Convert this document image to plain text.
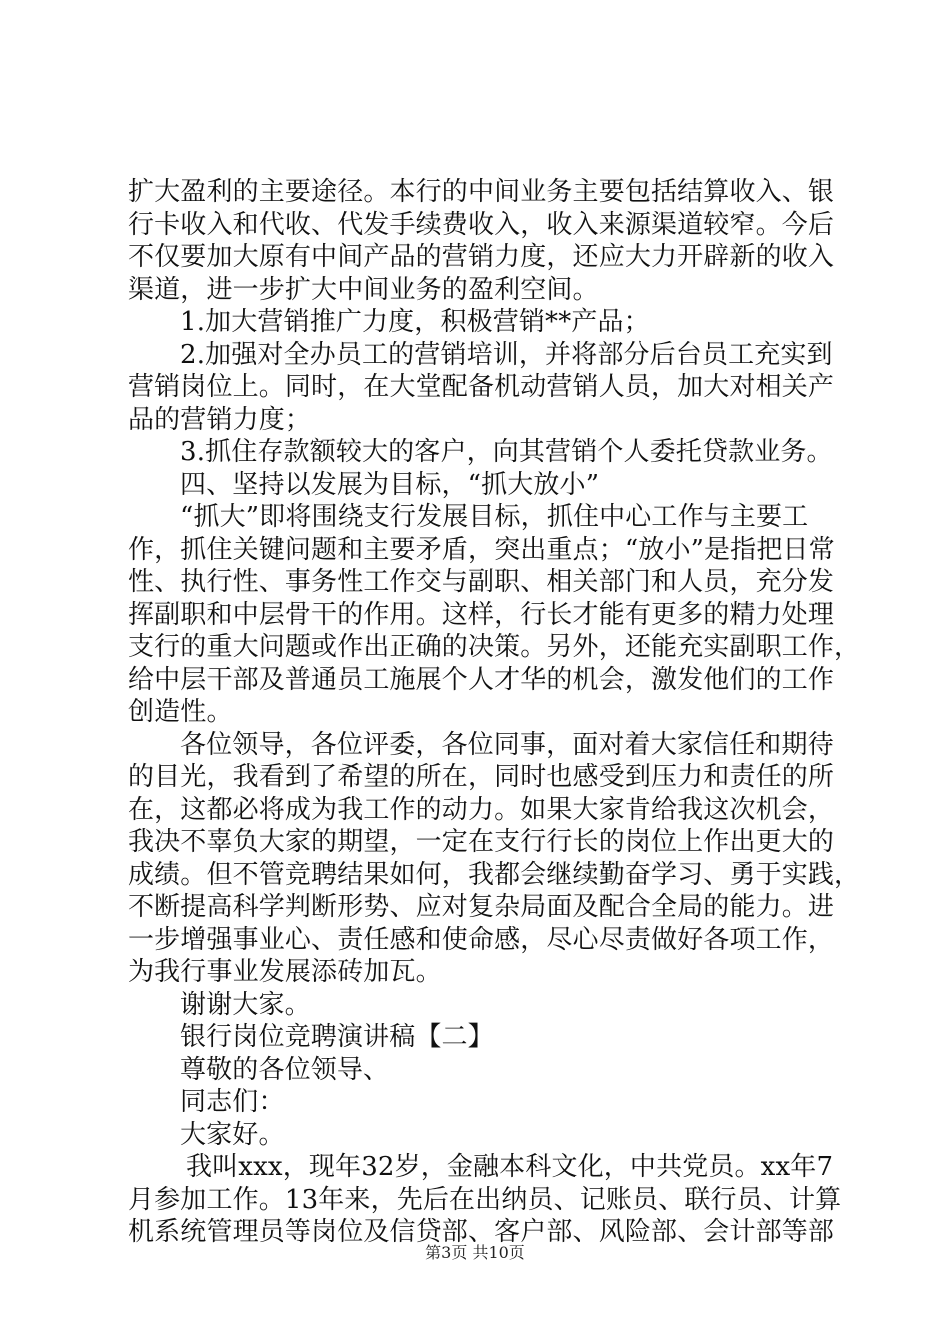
扩大盈利的主要途径。本行的中间业务主要包括结算收入、银
行卡收入和代收、代发手续费收入，收入来源渠道较窄。今后
不仅要加大原有中间产品的营销力度，还应大力开辟新的收入
渠道，进一步扩大中间业务的盈利空间。
1.加大营销推广力度，积极营销**产品；
2.加强对全办员工的营销培训，并将部分后台员工充实到
营销岗位上。同时，在大堂配备机动营销人员，加大对相关产
品的营销力度；
3.抓住存款额较大的客户，向其营销个人委托贷款业务。
四、坚持以发展为目标，“抓大放小”
“抓大”即将围绕支行发展目标，抓住中心工作与主要工
作，抓住关键问题和主要矛盾，突出重点；“放小”是指把日常
性、执行性、事务性工作交与副职、相关部门和人员，充分发
挥副职和中层骨干的作用。这样，行长才能有更多的精力处理
支行的重大问题或作出正确的决策。另外，还能充实副职工作，
给中层干部及普通员工施展个人才华的机会，激发他们的工作
创造性。
各位领导，各位评委，各位同事，面对着大家信任和期待
的目光，我看到了希望的所在，同时也感受到压力和责任的所
在，这都必将成为我工作的动力。如果大家肯给我这次机会，
我决不辜负大家的期望，一定在支行行长的岗位上作出更大的
成绩。但不管竞聘结果如何，我都会继续勤奋学习、勇于实践，
不断提高科学判断形势、应对复杂局面及配合全局的能力。进
一步增强事业心、责任感和使命感，尽心尽责做好各项工作，
为我行事业发展添砖加瓦。
谢谢大家。
银行岗位竞聘演讲稿【二】
尊敬的各位领导、
同志们：
大家好。
我叫xxx，现年32岁，金融本科文化，中共党员。xx年7
月参加工作。13年来，先后在出纳员、记账员、联行员、计算
机系统管理员等岗位及信贷部、客户部、风险部、会计部等部
第3页 共10页
